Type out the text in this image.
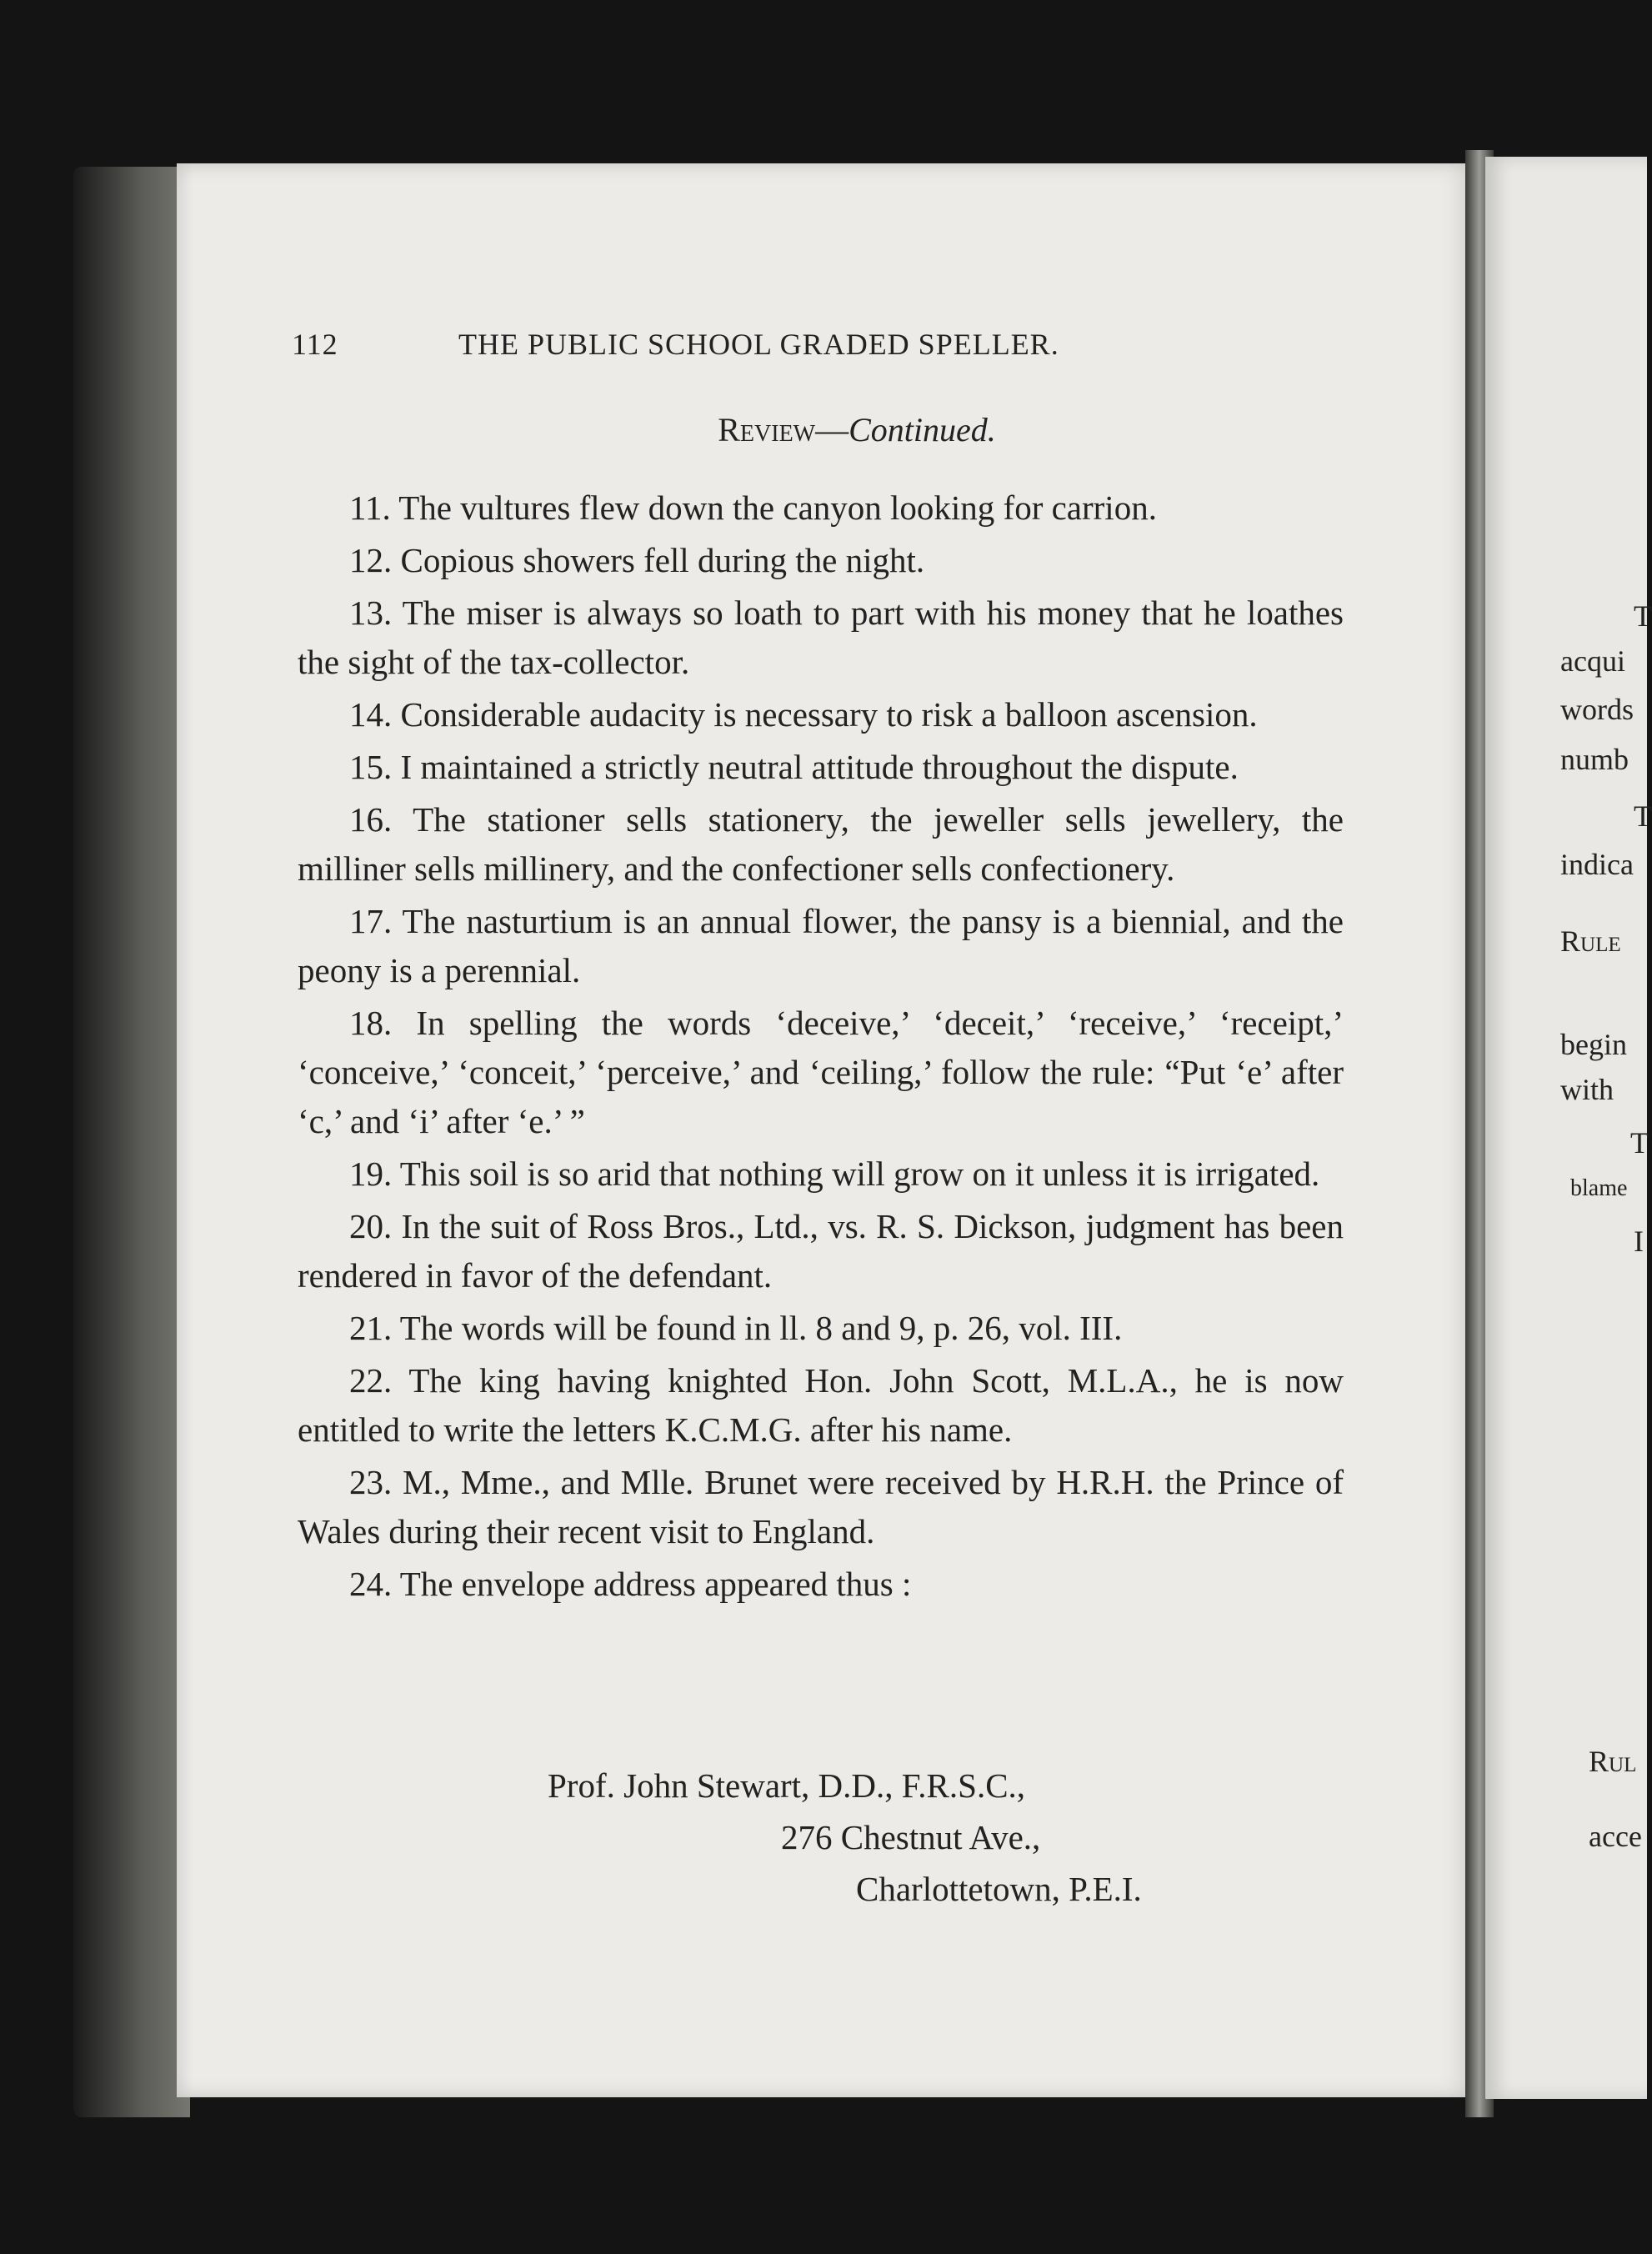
112	THE PUBLIC SCHOOL GRADED SPELLER.
Review—Continued.

11. The vultures flew down the canyon looking for carrion.

12. Copious showers fell during the night.

13. The miser is always so loath to part with his money that he loathes the sight of the tax-collector.

14. Considerable audacity is necessary to risk a balloon ascension.

15. I maintained a strictly neutral attitude throughout the dispute.

16. The stationer sells stationery, the jeweller sells jewellery, the milliner sells millinery, and the confectioner sells confectionery.

17. The nasturtium is an annual flower, the pansy is a biennial, and the peony is a perennial.

18. In spelling the words ‘deceive,’ ‘deceit,’ ‘receive,’ ‘receipt,’ ‘conceive,’ ‘conceit,’ ‘perceive,’ and ‘ceiling,’ follow the rule: “Put ‘e’ after ‘c,’ and ‘i’ after ‘e.’ ”

19. This soil is so arid that nothing will grow on it unless it is irrigated.

20. In the suit of Ross Bros., Ltd., vs. R. S. Dickson, judgment has been rendered in favor of the defendant.

21. The words will be found in ll. 8 and 9, p. 26, vol. III.

22. The king having knighted Hon. John Scott, M.L.A., he is now entitled to write the letters K.C.M.G. after his name.

23. M., Mme., and Mlle. Brunet were received by H.R.H. the Prince of Wales during their recent visit to England.

24. The envelope address appeared thus :

Prof. John Stewart, D.D., F.R.S.C.,
276 Chestnut Ave.,
Charlottetown, P.E.I.
T
acqui
words
numb
T
indica
Rule
begin
with
T
blame
I
Rul
acce
